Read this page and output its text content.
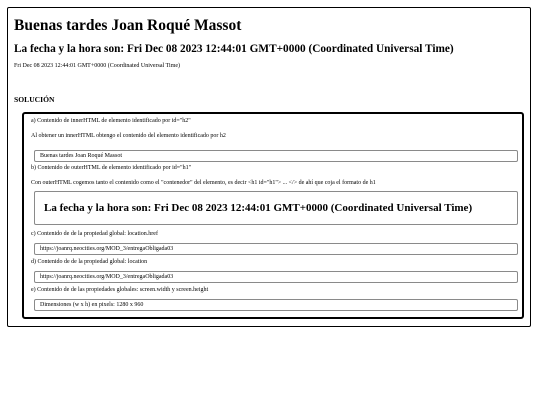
Buenas tardes Joan Roqué Massot
La fecha y la hora son: Fri Dec 08 2023 12:44:01 GMT+0000 (Coordinated Universal Time)

Fri Dec 08 2023 12:44:01 GMT+0000 (Coordinated Universal Time)

SOLUCIÓN

a) Contenido de innerHTML de elemento identificado por id="h2"

Al obtener un innerHTML obtengo el contenido del elemento identificado por h2

Buenas tardes Joan Roqué Massot

b) Contenido de outerHTML de elemento identificado por id="h1"

Con outerHTML cogemos tanto el contenido como el "contenedor" del elemento, es decir <h1 id="h1"> ... </> de ahí que coja el formato de h1

La fecha y la hora son: Fri Dec 08 2023 12:44:01 GMT+0000 (Coordinated Universal Time)

c) Contenido de de la propiedad global: location.href

https://joanrq.neocities.org/MOD_3/entregaObligada03

d) Contenido de de la propiedad global: location

https://joanrq.neocities.org/MOD_3/entregaObligada03

e) Contenido de de las propiedades globales: screen.width y screen.height

Dimensiones (w x h) en pixels: 1280 x 960
